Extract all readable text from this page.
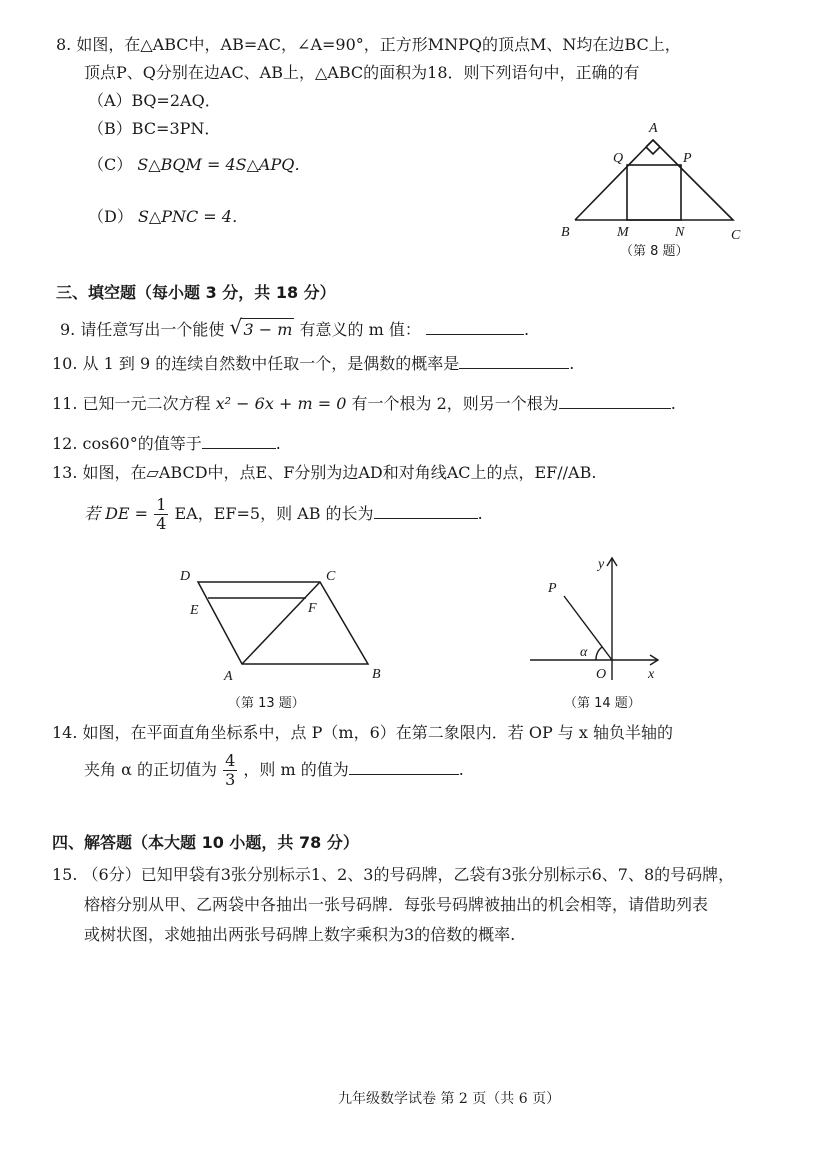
8. 如图，在△ABC中，AB=AC，∠A=90°，正方形MNPQ的顶点M、N均在边BC上，
顶点P、Q分别在边AC、AB上，△ABC的面积为18．则下列语句中，正确的有
（A）BQ=2AQ．
（B）BC=3PN．
（C） S△BQM = 4S△APQ．
（D） S△PNC = 4．
A
B	C
M	N
P
Q
（第 8 题）
三、填空题（每小题 3 分，共 18 分）
9. 请任意写出一个能使 √ 3 − m 有意义的 m 值：	.
10. 从 1 到 9 的连续自然数中任取一个，是偶数的概率是	.
11. 已知一元二次方程 x² − 6x + m = 0 有一个根为 2，则另一个根为	.
12. cos60°的值等于	.
13. 如图，在▱ABCD中，点E、F分别为边AD和对角线AC上的点，EF//AB.
若 DE = $\frac{1}{4}$ EA，EF=5，则 AB 的长为	.
D	C
E	F
A	B
（第 13 题）
y
x
P
O
α
（第 14 题）
14. 如图，在平面直角坐标系中，点 P（m，6）在第二象限内．若 OP 与 x 轴负半轴的
夹角 α 的正切值为 $\frac{4}{3}$ ，则 m 的值为	.
四、解答题（本大题 10 小题，共 78 分）
15. （6分）已知甲袋有3张分别标示1、2、3的号码牌，乙袋有3张分别标示6、7、8的号码牌，
榕榕分别从甲、乙两袋中各抽出一张号码牌．每张号码牌被抽出的机会相等，请借助列表
或树状图，求她抽出两张号码牌上数字乘积为3的倍数的概率.
九年级数学试卷 第 2 页（共 6 页）
